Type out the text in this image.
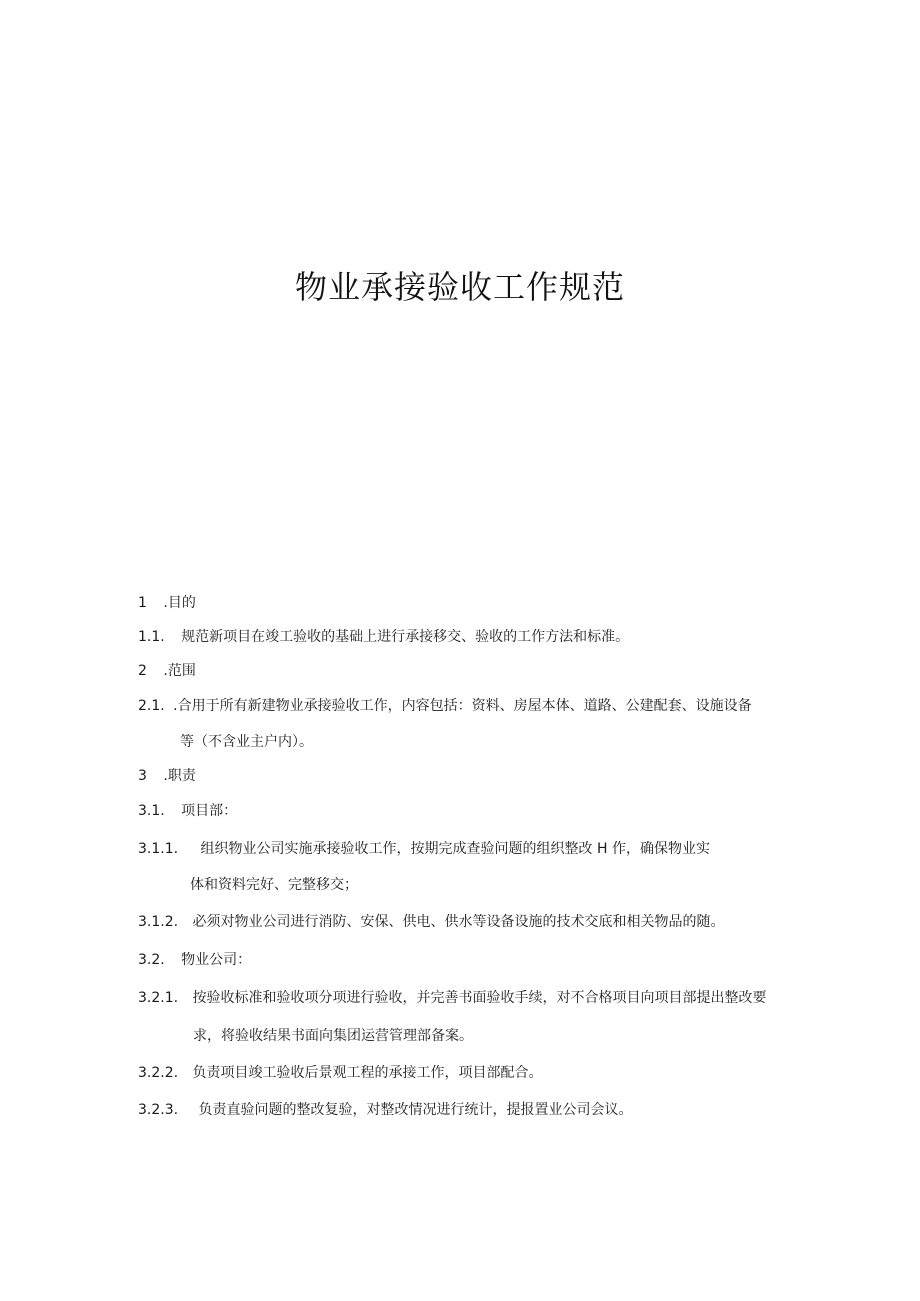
物业承接验收工作规范
1 .目的
1.1. 规范新项目在竣工验收的基础上进行承接移交、验收的工作方法和标准。
2 .范围
2.1. .合用于所有新建物业承接验收工作，内容包括：资料、房屋本体、道路、公建配套、设施设备
等（不含业主户内）。
3 .职责
3.1. 项目部：
3.1.1. 组织物业公司实施承接验收工作，按期完成查验问题的组织整改 H 作，确保物业实
体和资料完好、完整移交；
3.1.2. 必须对物业公司进行消防、安保、供电、供水等设备设施的技术交底和相关物品的随。
3.2. 物业公司：
3.2.1. 按验收标准和验收项分项进行验收，并完善书面验收手续，对不合格项目向项目部提出整改要
求，将验收结果书面向集团运营管理部备案。
3.2.2. 负责项目竣工验收后景观工程的承接工作，项目部配合。
3.2.3. 负责直验问题的整改复验，对整改情况进行统计，提报置业公司会议。
